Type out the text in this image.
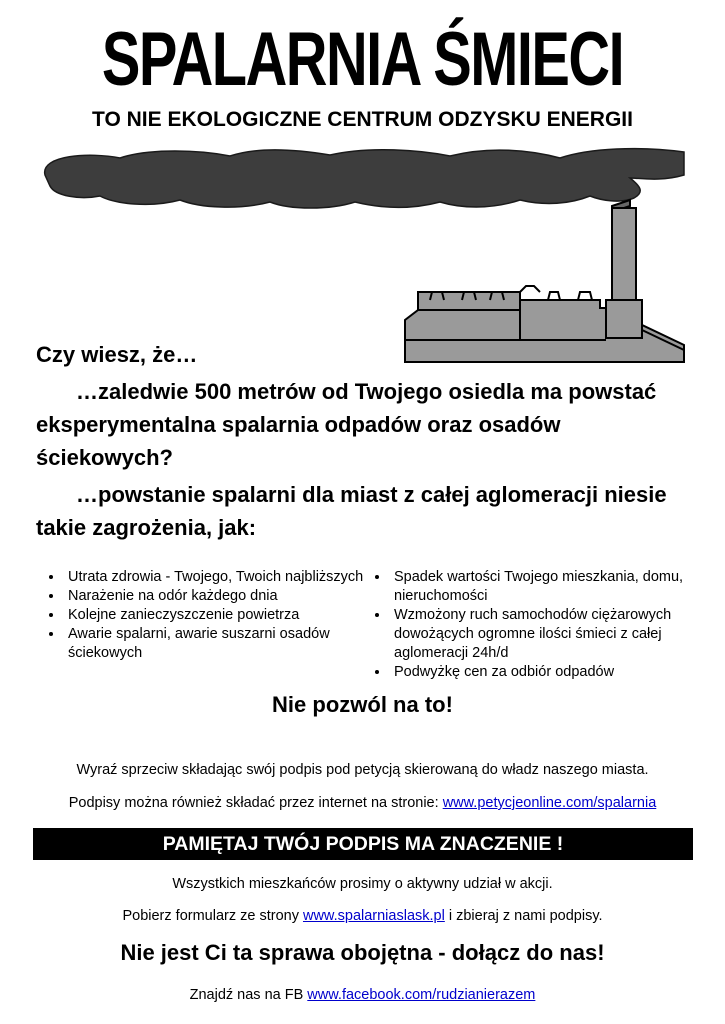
SPALARNIA ŚMIECI
TO NIE EKOLOGICZNE CENTRUM ODZYSKU ENERGII

Czy wiesz, że…

…zaledwie 500 metrów od Twojego osiedla ma powstać eksperymentalna spalarnia odpadów oraz osadów ściekowych?

…powstanie spalarni dla miast z całej aglomeracji niesie takie zagrożenia, jak:

• Utrata zdrowia - Twojego, Twoich najbliższych
• Narażenie na odór każdego dnia
• Kolejne zanieczyszczenie powietrza
• Awarie spalarni, awarie suszarni osadów ściekowych
• Spadek wartości Twojego mieszkania, domu, nieruchomości
• Wzmożony ruch samochodów ciężarowych dowożących ogromne ilości śmieci z całej aglomeracji 24h/d
• Podwyżkę cen za odbiór odpadów
Nie pozwól na to!
Wyraź sprzeciw składając swój podpis pod petycją skierowaną do władz naszego miasta.
Podpisy można również składać przez internet na stronie: www.petycjeonline.com/spalarnia
PAMIĘTAJ TWÓJ PODPIS MA ZNACZENIE !
Wszystkich mieszkańców prosimy o aktywny udział w akcji.
Pobierz formularz ze strony www.spalarniaslask.pl i zbieraj z nami podpisy.
Nie jest Ci ta sprawa obojętna - dołącz do nas!
Znajdź nas na FB www.facebook.com/rudzianierazem
